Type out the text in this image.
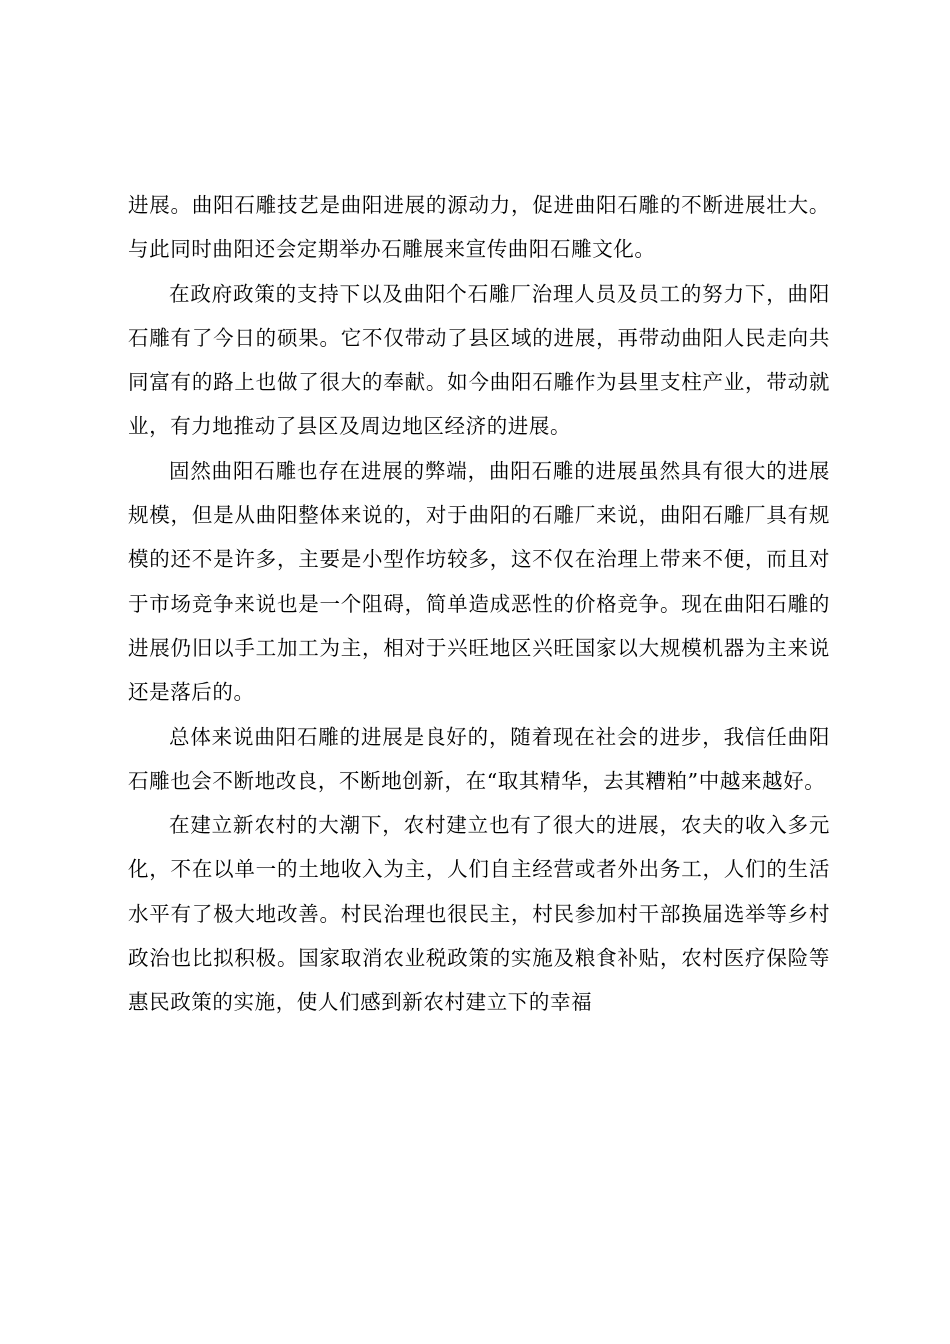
进展。曲阳石雕技艺是曲阳进展的源动力，促进曲阳石雕的不断进展壮大。与此同时曲阳还会定期举办石雕展来宣传曲阳石雕文化。

在政府政策的支持下以及曲阳个石雕厂治理人员及员工的努力下，曲阳石雕有了今日的硕果。它不仅带动了县区域的进展，再带动曲阳人民走向共同富有的路上也做了很大的奉献。如今曲阳石雕作为县里支柱产业，带动就业，有力地推动了县区及周边地区经济的进展。

固然曲阳石雕也存在进展的弊端，曲阳石雕的进展虽然具有很大的进展规模，但是从曲阳整体来说的，对于曲阳的石雕厂来说，曲阳石雕厂具有规模的还不是许多，主要是小型作坊较多，这不仅在治理上带来不便，而且对于市场竞争来说也是一个阻碍，简单造成恶性的价格竞争。现在曲阳石雕的进展仍旧以手工加工为主，相对于兴旺地区兴旺国家以大规模机器为主来说还是落后的。

总体来说曲阳石雕的进展是良好的，随着现在社会的进步，我信任曲阳石雕也会不断地改良，不断地创新，在“取其精华，去其糟粕”中越来越好。

在建立新农村的大潮下，农村建立也有了很大的进展，农夫的收入多元化，不在以单一的土地收入为主，人们自主经营或者外出务工，人们的生活水平有了极大地改善。村民治理也很民主，村民参加村干部换届选举等乡村政治也比拟积极。国家取消农业税政策的实施及粮食补贴，农村医疗保险等惠民政策的实施，使人们感到新农村建立下的幸福
